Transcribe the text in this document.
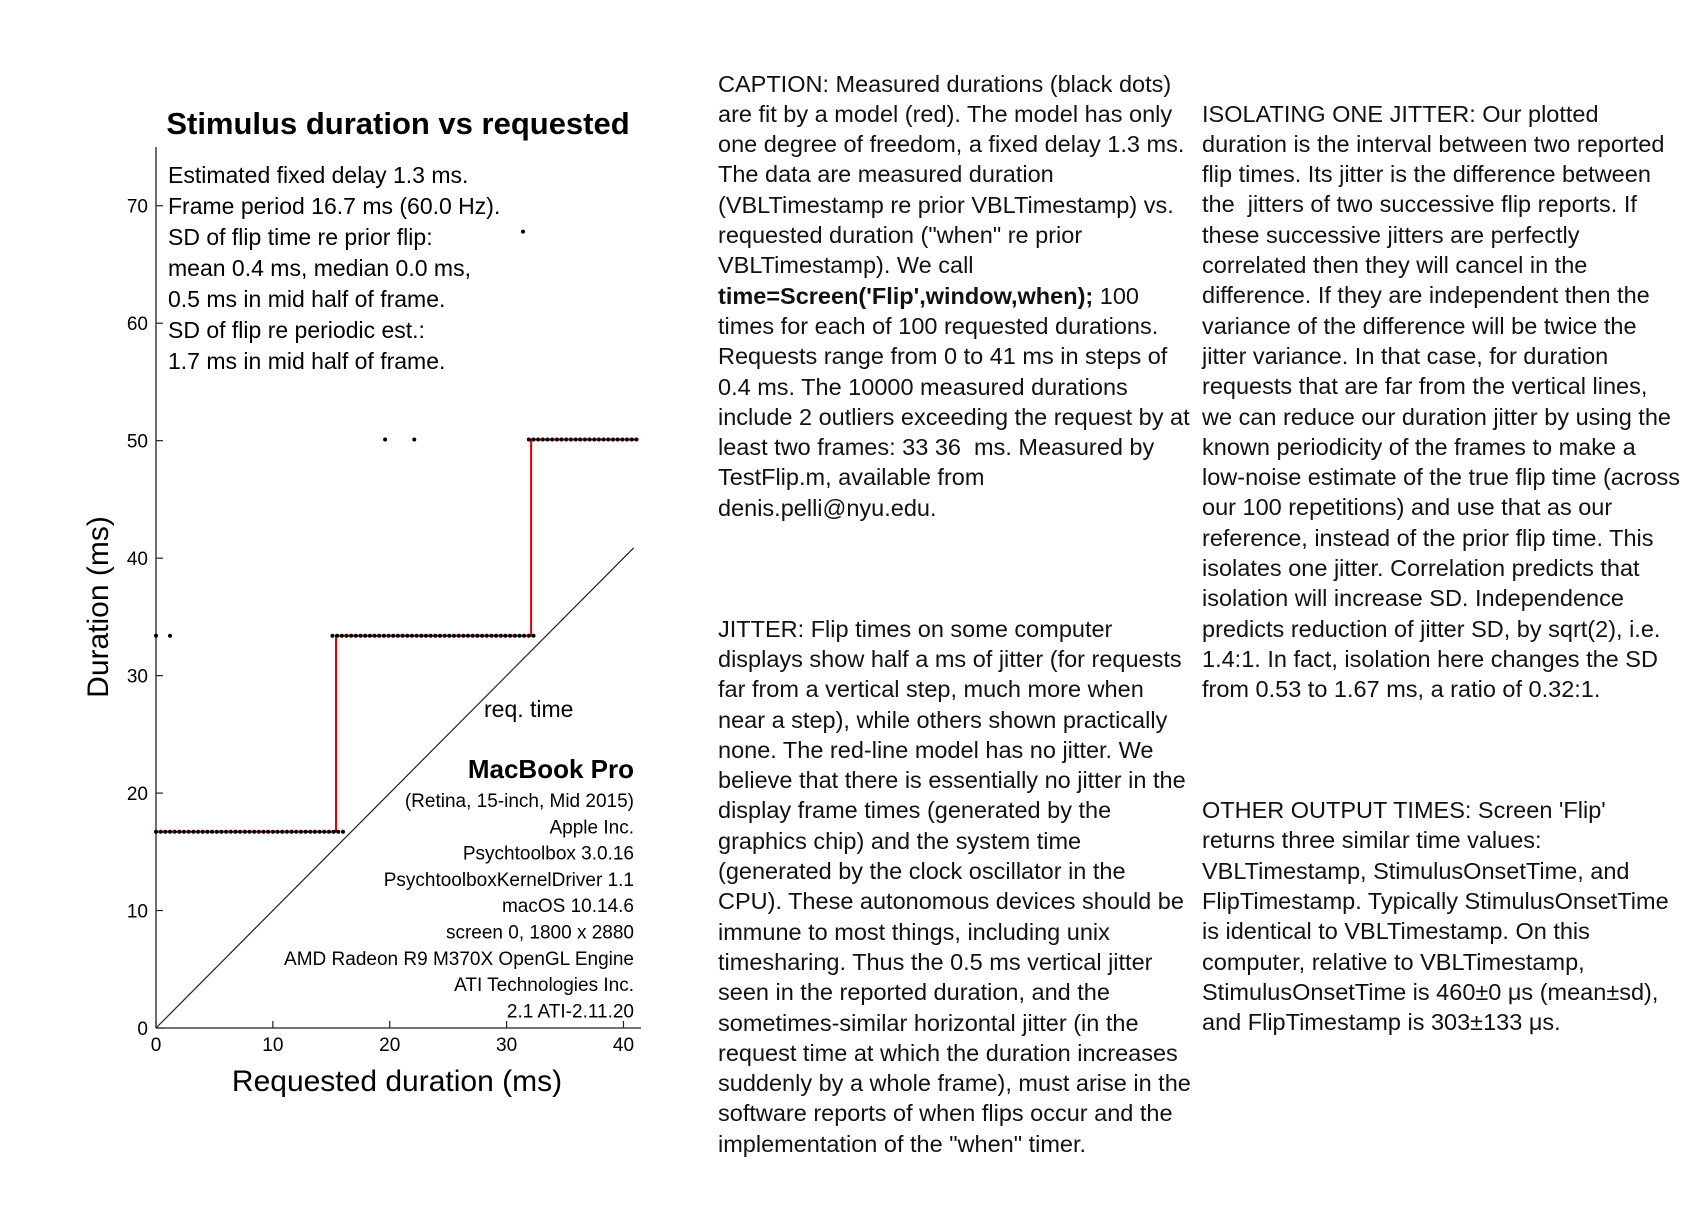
Stimulus duration vs requested
0	10	20	30	40
0
10
20
30
40
50
60
70
Estimated fixed delay 1.3 ms.
Frame period 16.7 ms (60.0 Hz).
SD of flip time re prior flip:
mean 0.4 ms, median 0.0 ms,
0.5 ms in mid half of frame.
SD of flip re periodic est.:
1.7 ms in mid half of frame.
req. time
MacBook Pro
(Retina, 15-inch, Mid 2015)
Apple Inc.
Psychtoolbox 3.0.16
PsychtoolboxKernelDriver 1.1
macOS 10.14.6
screen 0, 1800 x 2880
AMD Radeon R9 M370X OpenGL Engine
ATI Technologies Inc.
2.1 ATI-2.11.20
Requested duration (ms)
Duration (ms)

CAPTION: Measured durations (black dots) are fit by a model (red). The model has only one degree of freedom, a fixed delay 1.3 ms. The data are measured duration (VBLTimestamp re prior VBLTimestamp) vs. requested duration ("when" re prior VBLTimestamp). We call time=Screen('Flip',window,when); 100 times for each of 100 requested durations. Requests range from 0 to 41 ms in steps of 0.4 ms. The 10000 measured durations include 2 outliers exceeding the request by at least two frames: 33 36  ms. Measured by TestFlip.m, available from denis.pelli@nyu.edu.

JITTER: Flip times on some computer displays show half a ms of jitter (for requests far from a vertical step, much more when near a step), while others shown practically none. The red-line model has no jitter. We believe that there is essentially no jitter in the display frame times (generated by the graphics chip) and the system time (generated by the clock oscillator in the CPU). These autonomous devices should be immune to most things, including unix timesharing. Thus the 0.5 ms vertical jitter seen in the reported duration, and the sometimes-similar horizontal jitter (in the request time at which the duration increases suddenly by a whole frame), must arise in the software reports of when flips occur and the implementation of the "when" timer.

ISOLATING ONE JITTER: Our plotted duration is the interval between two reported flip times. Its jitter is the difference between the  jitters of two successive flip reports. If these successive jitters are perfectly correlated then they will cancel in the difference. If they are independent then the variance of the difference will be twice the jitter variance. In that case, for duration requests that are far from the vertical lines, we can reduce our duration jitter by using the known periodicity of the frames to make a low-noise estimate of the true flip time (across our 100 repetitions) and use that as our reference, instead of the prior flip time. This isolates one jitter. Correlation predicts that isolation will increase SD. Independence predicts reduction of jitter SD, by sqrt(2), i.e. 1.4:1. In fact, isolation here changes the SD from 0.53 to 1.67 ms, a ratio of 0.32:1.

OTHER OUTPUT TIMES: Screen 'Flip' returns three similar time values: VBLTimestamp, StimulusOnsetTime, and FlipTimestamp. Typically StimulusOnsetTime is identical to VBLTimestamp. On this computer, relative to VBLTimestamp, StimulusOnsetTime is 460±0 μs (mean±sd), and FlipTimestamp is 303±133 μs.
